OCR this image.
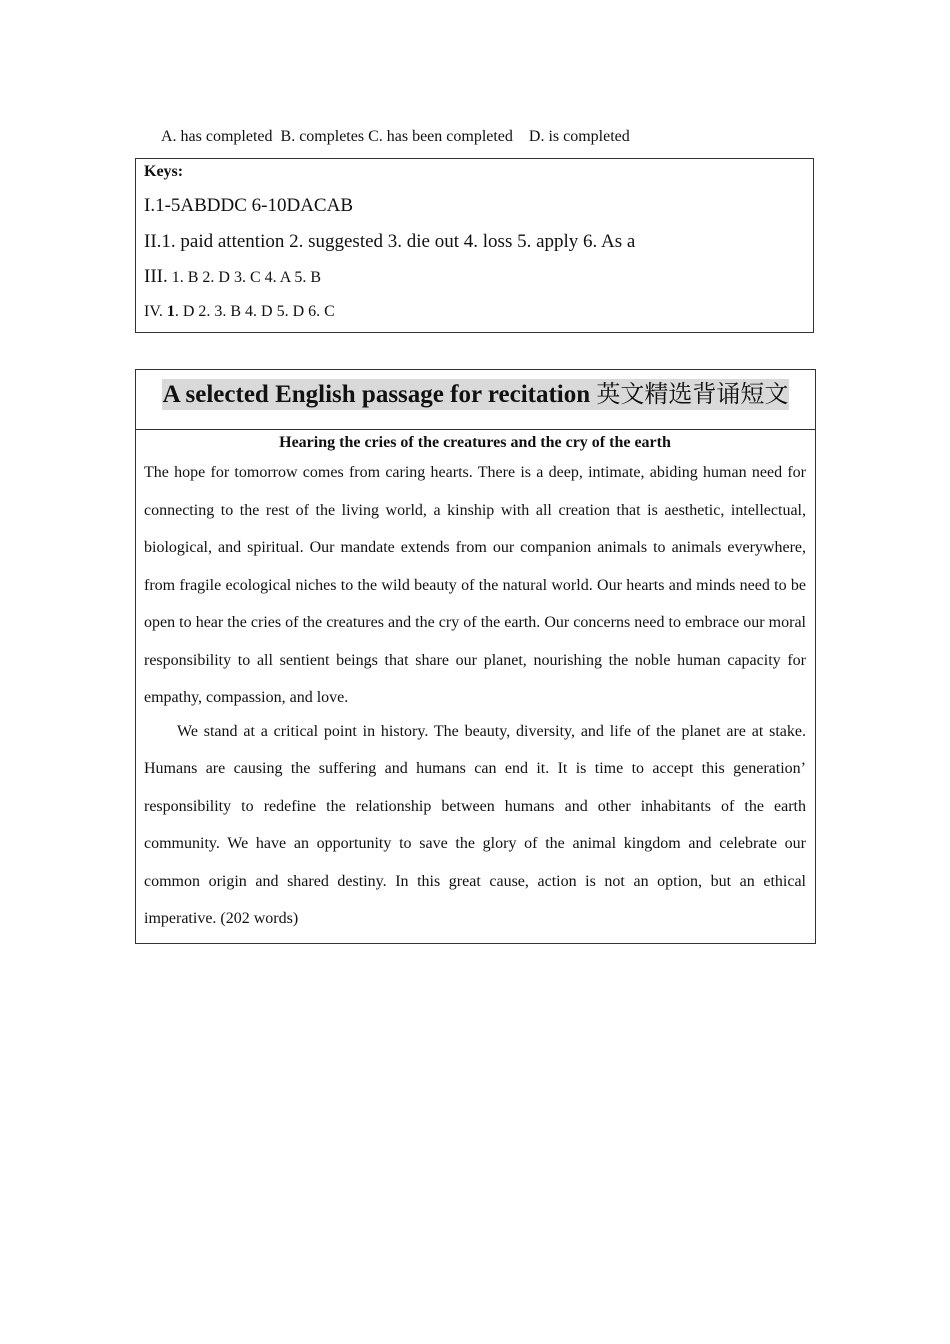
A. has completed  B. completes C. has been completed    D. is completed
Keys:
I.1-5ABDDC 6-10DACAB
II.1. paid attention 2. suggested 3. die out 4. loss 5. apply 6. As a
III. 1. B 2. D 3. C 4. A 5. B
IV. 1. D 2. 3. B 4. D 5. D 6. C
A selected English passage for recitation 英文精选背诵短文
Hearing the cries of the creatures and the cry of the earth

The hope for tomorrow comes from caring hearts. There is a deep, intimate, abiding human need for connecting to the rest of the living world, a kinship with all creation that is aesthetic, intellectual, biological, and spiritual. Our mandate extends from our companion animals to animals everywhere, from fragile ecological niches to the wild beauty of the natural world. Our hearts and minds need to be open to hear the cries of the creatures and the cry of the earth. Our concerns need to embrace our moral responsibility to all sentient beings that share our planet, nourishing the noble human capacity for empathy, compassion, and love.

We stand at a critical point in history. The beauty, diversity, and life of the planet are at stake. Humans are causing the suffering and humans can end it. It is time to accept this generation’ responsibility to redefine the relationship between humans and other inhabitants of the earth community. We have an opportunity to save the glory of the animal kingdom and celebrate our common origin and shared destiny. In this great cause, action is not an option, but an ethical imperative. (202 words)
